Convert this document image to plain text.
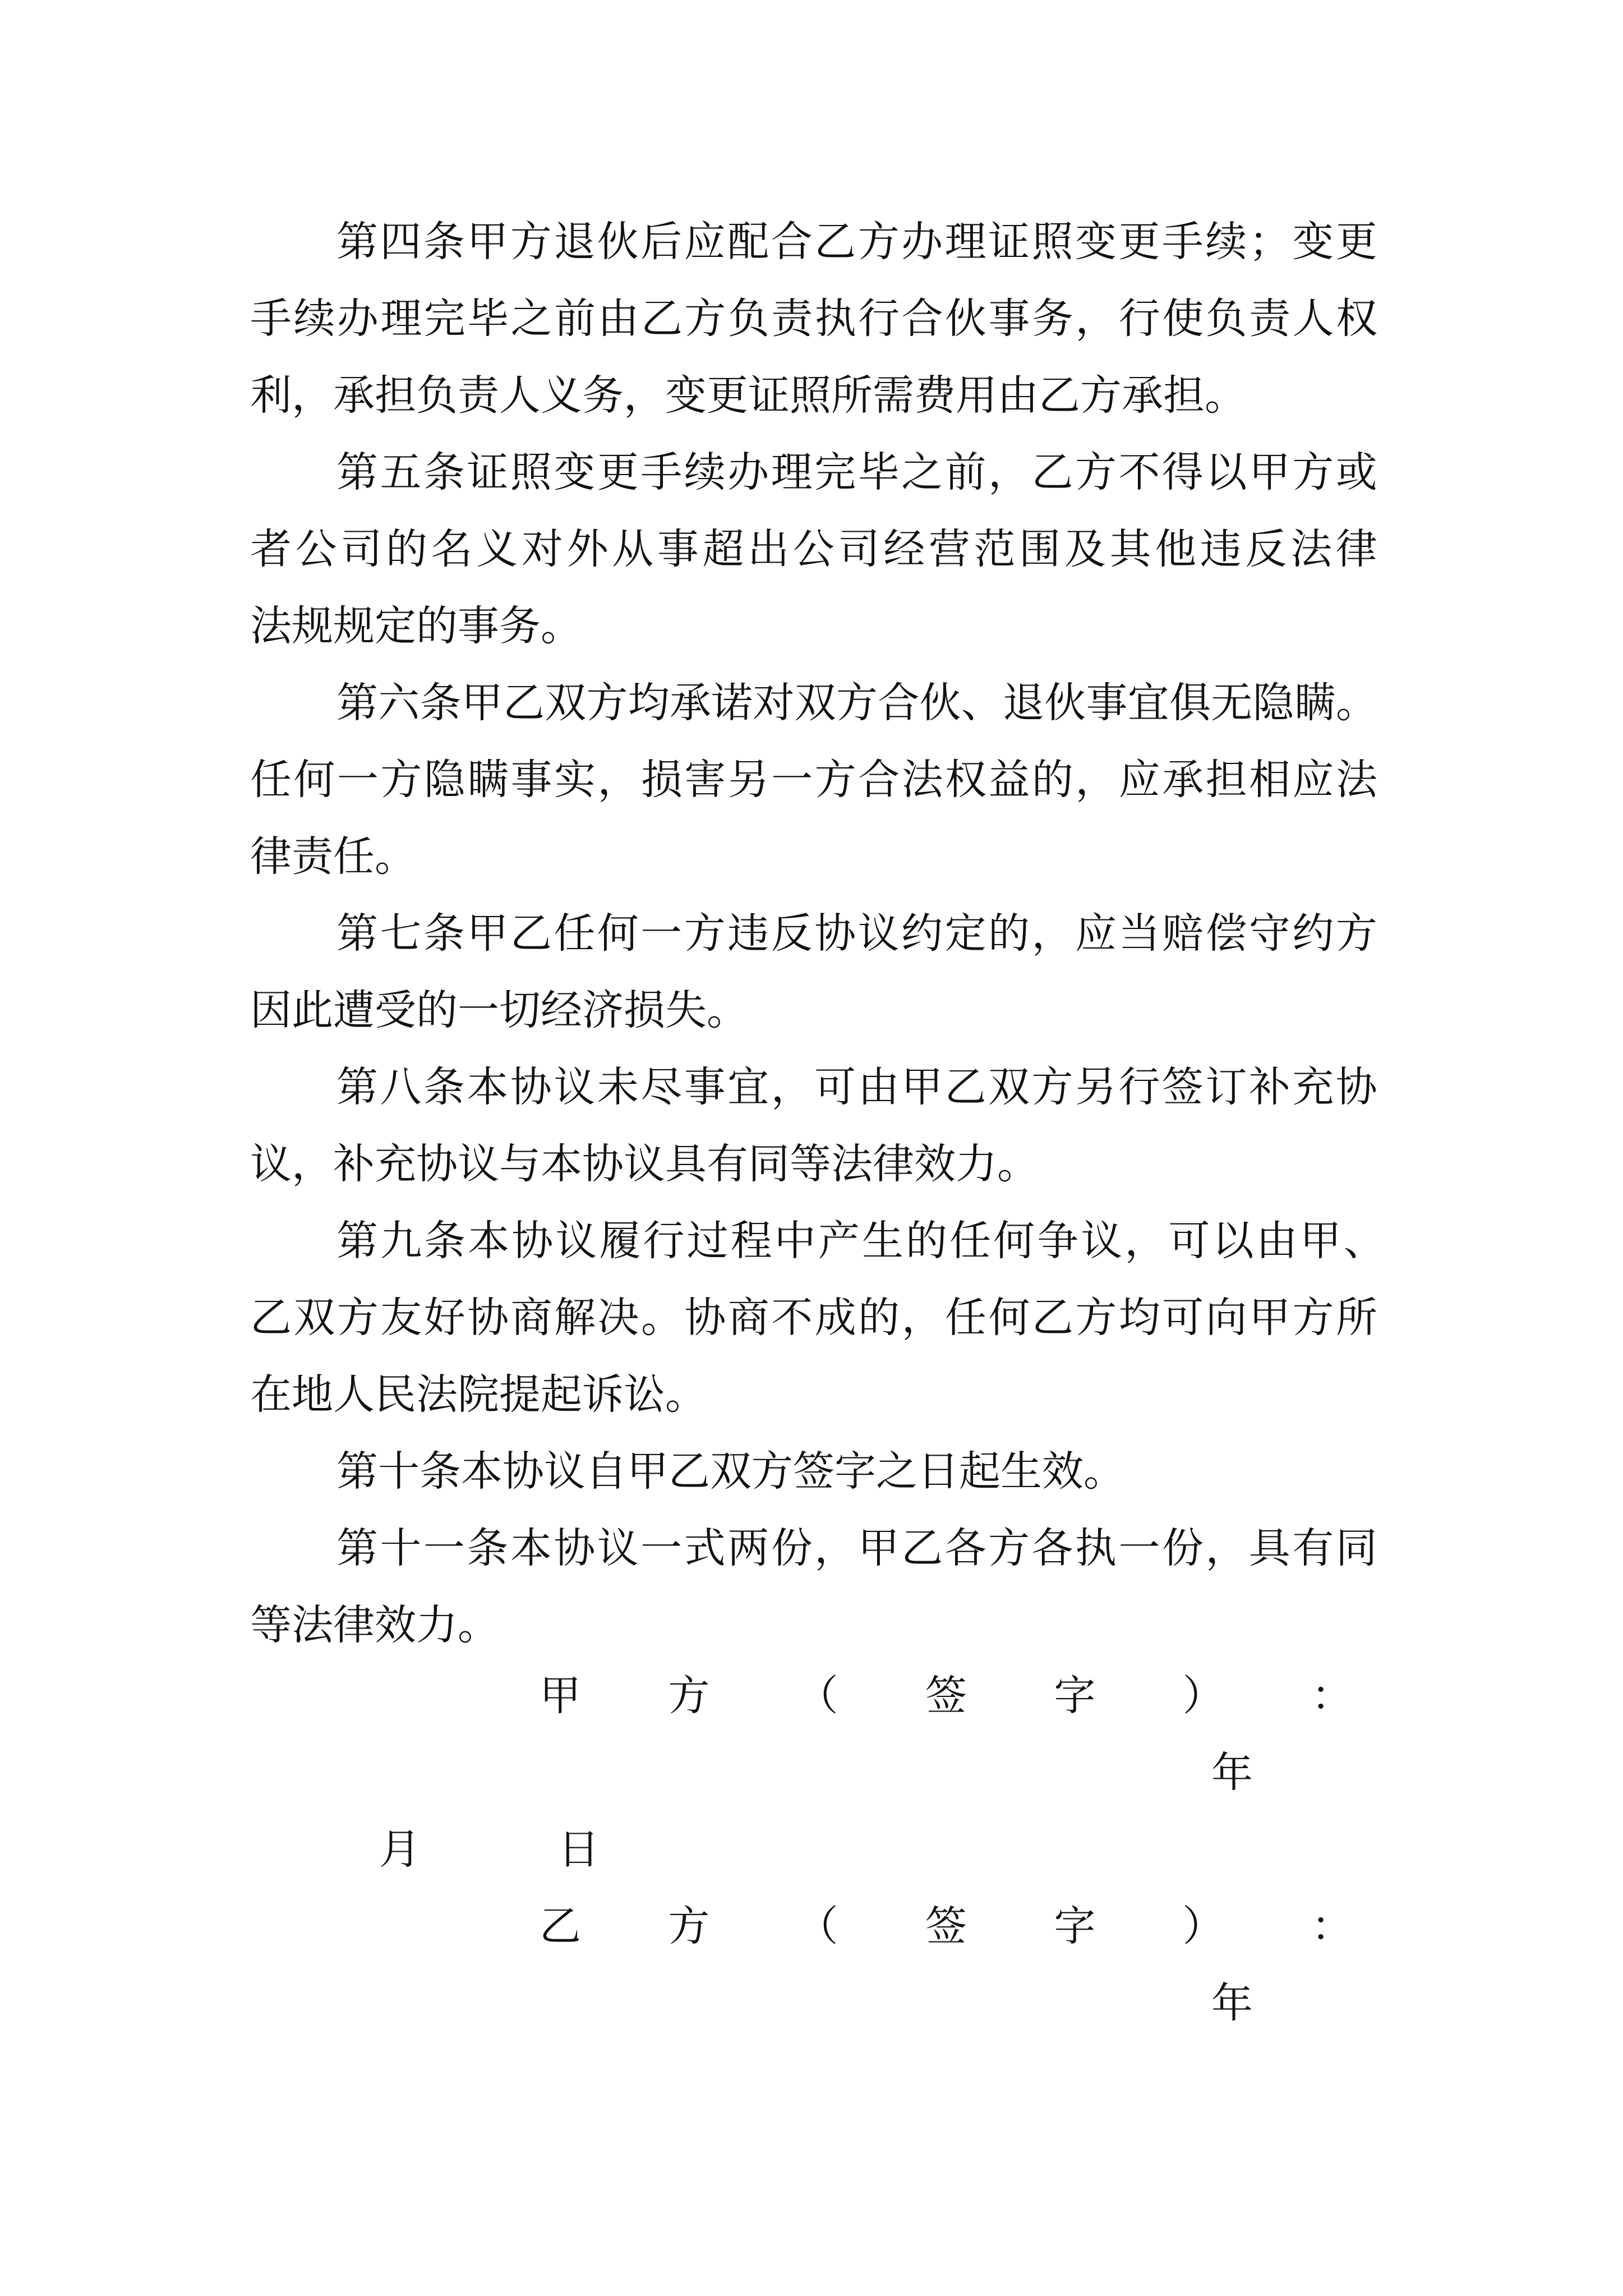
第 四 条 甲 方 退 伙 后 应 配 合 乙 方 办 理 证 照 变 更 手 续 ； 变 更
手 续 办 理 完 毕 之 前 由 乙 方 负 责 执 行 合 伙 事 务 ， 行 使 负 责 人 权
利，承担负责人义务，变更证照所需费用由乙方承担。
第 五 条 证 照 变 更 手 续 办 理 完 毕 之 前 ， 乙 方 不 得 以 甲 方 或
者 公 司 的 名 义 对 外 从 事 超 出 公 司 经 营 范 围 及 其 他 违 反 法 律
法规规定的事务。
第 六 条 甲 乙 双 方 均 承 诺 对 双 方 合 伙 、 退 伙 事 宜 俱 无 隐 瞒 。
任 何 一 方 隐 瞒 事 实 ， 损 害 另 一 方 合 法 权 益 的 ， 应 承 担 相 应 法
律责任。
第 七 条 甲 乙 任 何 一 方 违 反 协 议 约 定 的 ， 应 当 赔 偿 守 约 方
因此遭受的一切经济损失。
第 八 条 本 协 议 未 尽 事 宜 ， 可 由 甲 乙 双 方 另 行 签 订 补 充 协
议，补充协议与本协议具有同等法律效力。
第 九 条 本 协 议 履 行 过 程 中 产 生 的 任 何 争 议 ， 可 以 由 甲 、
乙 双 方 友 好 协 商 解 决 。 协 商 不 成 的 ， 任 何 乙 方 均 可 向 甲 方 所
在地人民法院提起诉讼。
第十条本协议自甲乙双方签字之日起生效。
第 十 一 条 本 协 议 一 式 两 份 ， 甲 乙 各 方 各 执 一 份 ， 具 有 同
等法律效力。
甲 方 （ 签 字 ） ：
年
月	日
乙 方 （ 签 字 ） ：
年
